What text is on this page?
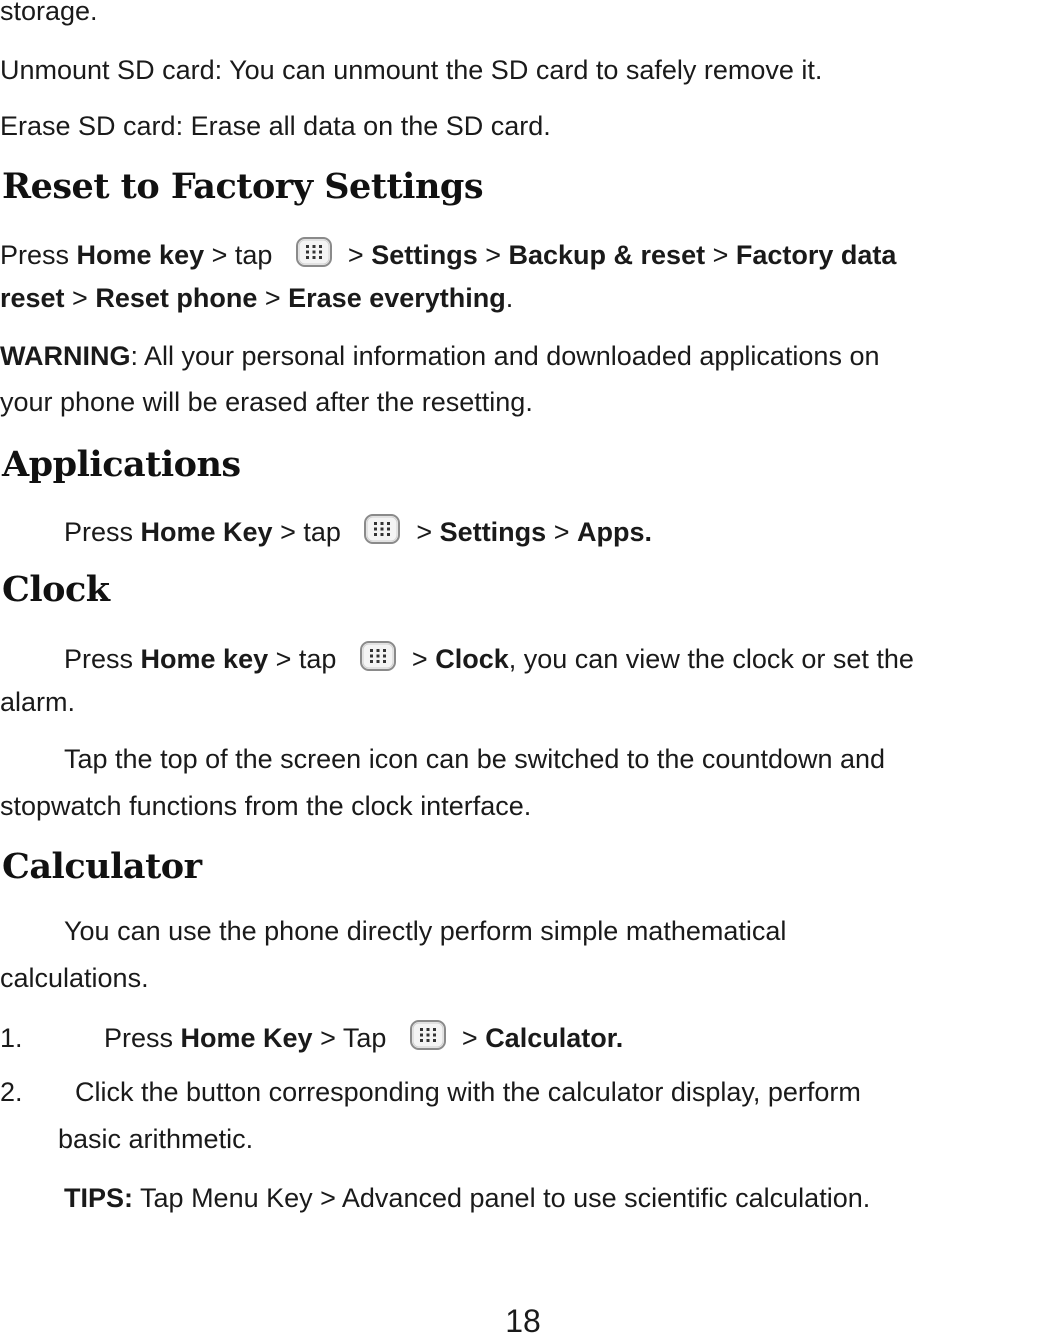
storage.
Unmount SD card: You can unmount the SD card to safely remove it.
Erase SD card: Erase all data on the SD card.
Reset to Factory Settings
Press Home key > tap	> Settings > Backup & reset > Factory data
reset > Reset phone > Erase everything.
WARNING: All your personal information and downloaded applications on
your phone will be erased after the resetting.
Applications
Press Home Key > tap	> Settings > Apps.
Clock
Press Home key > tap	> Clock, you can view the clock or set the
alarm.
Tap the top of the screen icon can be switched to the countdown and
stopwatch functions from the clock interface.
Calculator
You can use the phone directly perform simple mathematical
calculations.
1.	Press Home Key > Tap	> Calculator.
2. Click the button corresponding with the calculator display, perform
basic arithmetic.
TIPS: Tap Menu Key > Advanced panel to use scientific calculation.
18
